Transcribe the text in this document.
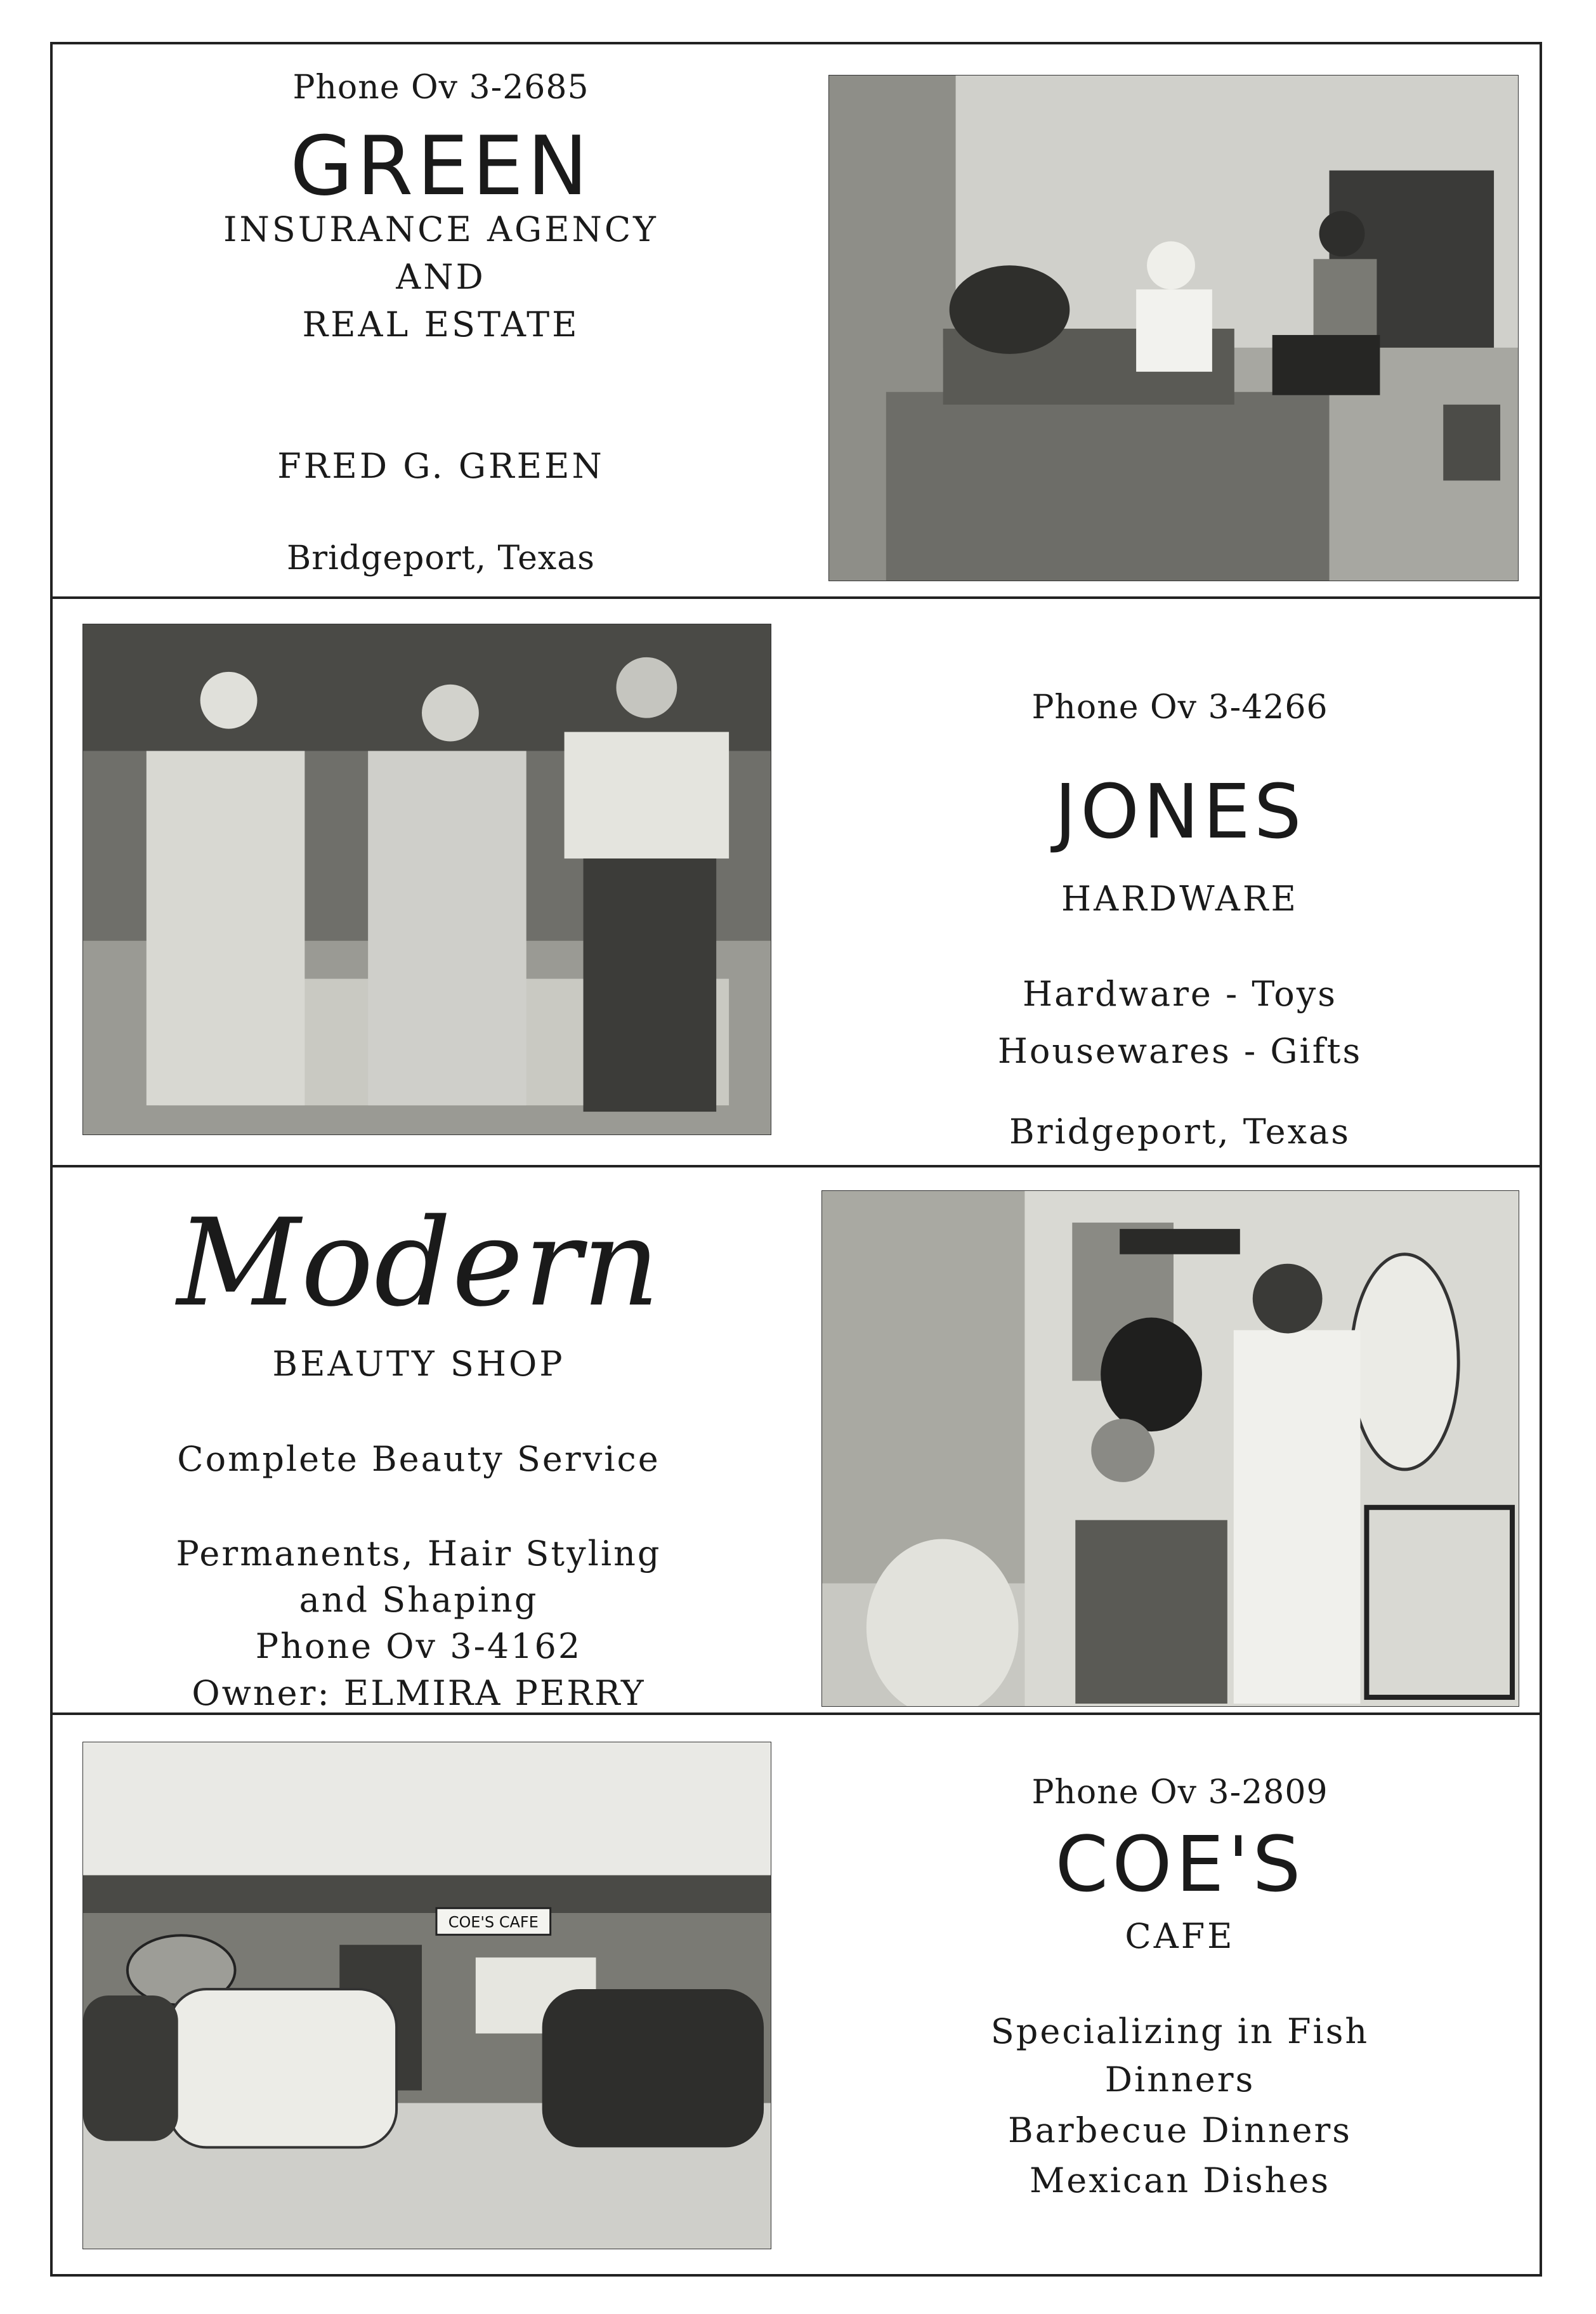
Phone Ov 3-2685
GREEN
INSURANCE AGENCY
AND
REAL ESTATE
FRED G. GREEN
Bridgeport, Texas
Phone Ov 3-4266
JONES
HARDWARE
Hardware - Toys
Housewares - Gifts
Bridgeport, Texas
Modern
BEAUTY SHOP
Complete Beauty Service
Permanents, Hair Styling
and Shaping
Phone Ov 3-4162
Owner: ELMIRA PERRY
COE'S CAFE
Phone Ov 3-2809
COE'S
CAFE
Specializing in Fish
Dinners
Barbecue Dinners
Mexican Dishes
